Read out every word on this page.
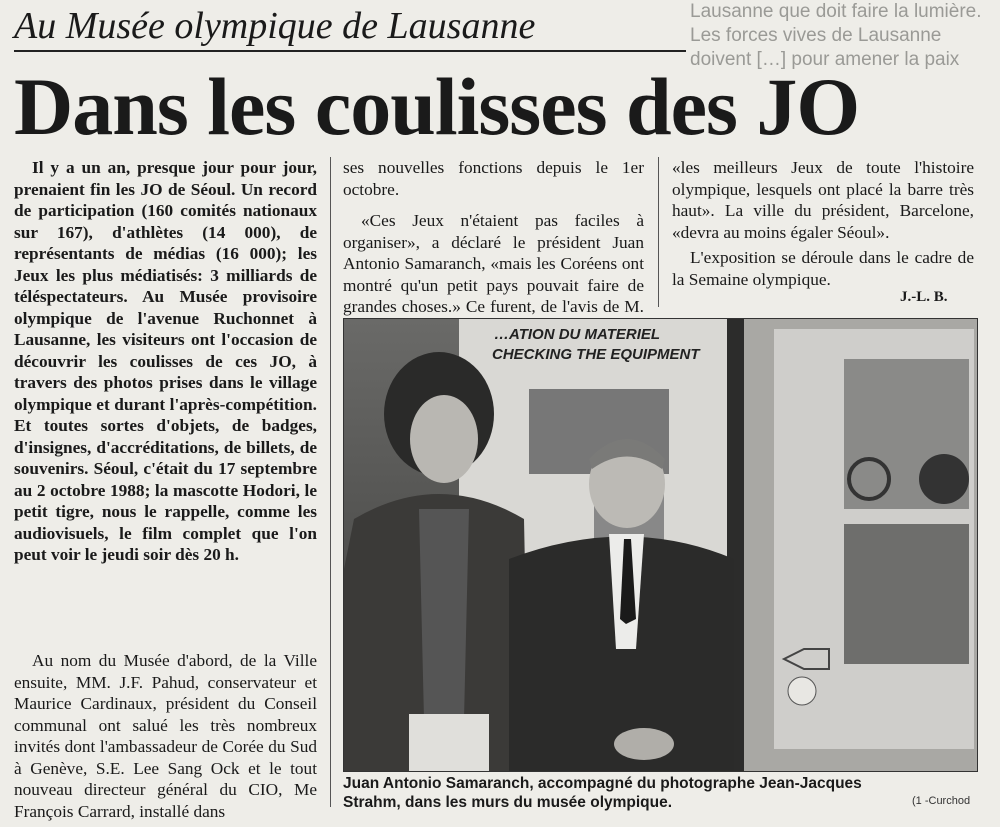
Lausanne que doit faire la lumière. Les forces vives de Lausanne doivent […] pour amener la paix
Au Musée olympique de Lausanne
Dans les coulisses des JO

Il y a un an, presque jour pour jour, prenaient fin les JO de Séoul. Un record de participation (160 comités nationaux sur 167), d'athlètes (14 000), de représentants de médias (16 000); les Jeux les plus médiatisés: 3 milliards de téléspectateurs. Au Musée provisoire olympique de l'avenue Ruchonnet à Lausanne, les visiteurs ont l'occasion de découvrir les coulisses de ces JO, à travers des photos prises dans le village olympique et durant l'après-compétition. Et toutes sortes d'objets, de badges, d'insignes, d'accréditations, de billets, de souvenirs. Séoul, c'était du 17 septembre au 2 octobre 1988; la mascotte Hodori, le petit tigre, nous le rappelle, comme les audiovisuels, le film complet que l'on peut voir le jeudi soir dès 20 h.

Au nom du Musée d'abord, de la Ville ensuite, MM. J.F. Pahud, conservateur et Maurice Cardinaux, président du Conseil communal ont salué les très nombreux invités dont l'ambassadeur de Corée du Sud à Genève, S.E. Lee Sang Ock et le tout nouveau directeur général du CIO, Me François Carrard, installé dans

ses nouvelles fonctions depuis le 1er octobre.

«Ces Jeux n'étaient pas faciles à organiser», a déclaré le président Juan Antonio Samaranch, «mais les Coréens ont montré qu'un petit pays pouvait faire de grandes choses.» Ce furent, de l'avis de M.

«les meilleurs Jeux de toute l'histoire olympique, lesquels ont placé la barre très haut». La ville du président, Barcelone, «devra au moins égaler Séoul».

L'exposition se déroule dans le cadre de la Semaine olympique.

J.-L. B.
…ATION DU MATERIEL
CHECKING THE EQUIPMENT
Juan Antonio Samaranch, accompagné du photographe Jean-Jacques Strahm, dans les murs du musée olympique.	(1 -Curchod
